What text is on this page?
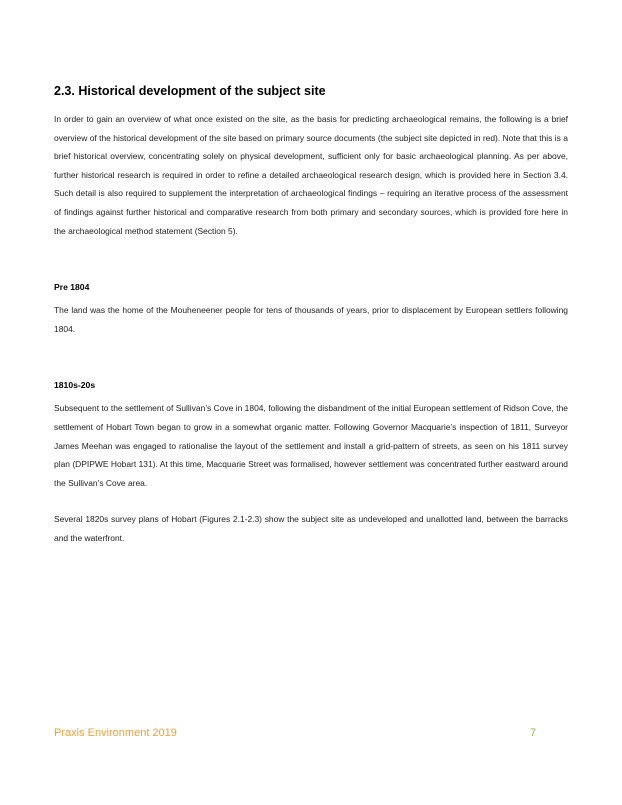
2.3. Historical development of the subject site

In order to gain an overview of what once existed on the site, as the basis for predicting archaeological remains, the following is a brief overview of the historical development of the site based on primary source documents (the subject site depicted in red). Note that this is a brief historical overview, concentrating solely on physical development, sufficient only for basic archaeological planning. As per above, further historical research is required in order to refine a detailed archaeological research design, which is provided here in Section 3.4. Such detail is also required to supplement the interpretation of archaeological findings – requiring an iterative process of the assessment of findings against further historical and comparative research from both primary and secondary sources, which is provided fore here in the archaeological method statement (Section 5).

Pre 1804

The land was the home of the Mouheneener people for tens of thousands of years, prior to displacement by European settlers following 1804.

1810s-20s

Subsequent to the settlement of Sullivan’s Cove in 1804, following the disbandment of the initial European settlement of Ridson Cove, the settlement of Hobart Town began to grow in a somewhat organic matter. Following Governor Macquarie’s inspection of 1811, Surveyor James Meehan was engaged to rationalise the layout of the settlement and install a grid-pattern of streets, as seen on his 1811 survey plan (DPIPWE Hobart 131). At this time, Macquarie Street was formalised, however settlement was concentrated further eastward around the Sullivan’s Cove area.

Several 1820s survey plans of Hobart (Figures 2.1-2.3) show the subject site as undeveloped and unallotted land, between the barracks and the waterfront.

Praxis Environment 2019	7
